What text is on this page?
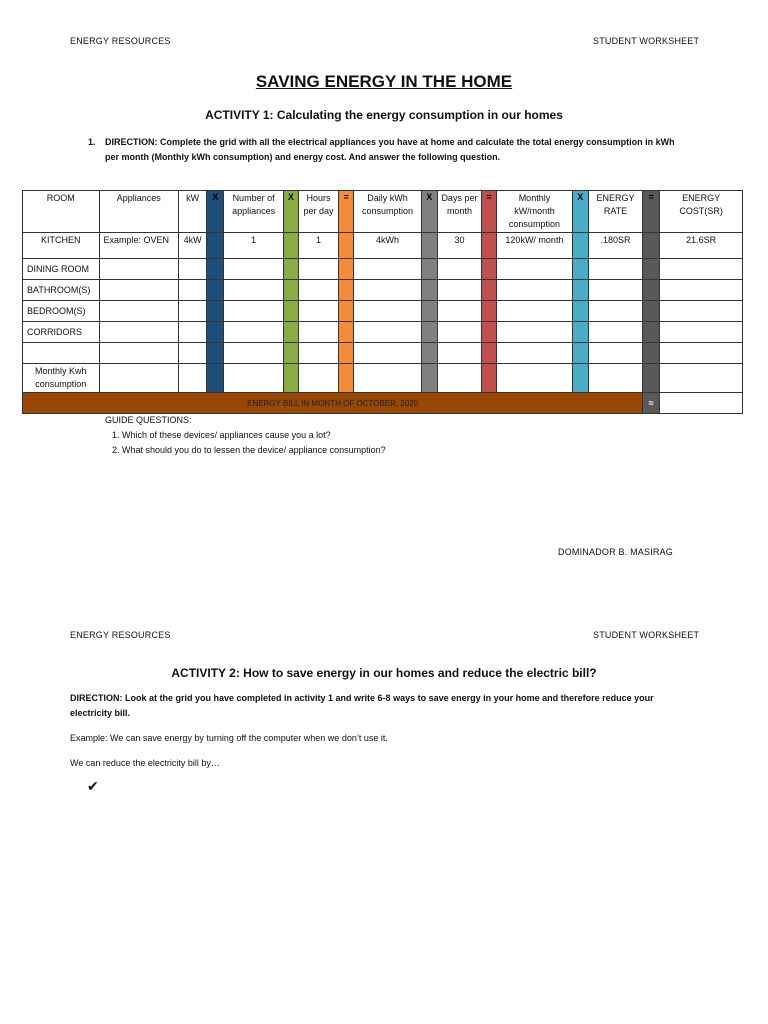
ENERGY RESOURCES	STUDENT WORKSHEET
SAVING ENERGY IN THE HOME
ACTIVITY 1: Calculating the energy consumption in our homes
1. DIRECTION: Complete the grid with all the electrical appliances you have at home and calculate the total energy consumption in kWh
per month (Monthly kWh consumption) and energy cost. And answer the following question.
ROOM	Appliances	kW	X	Number of appliances	X	Hours per day	=	Daily kWh consumption	X	Days per month	=	Monthly kW/month consumption	X	ENERGY RATE	=	ENERGY COST(SR)
KITCHEN	Example: OVEN	4kW		1		1		4kWh		30		120kW/ month		.180SR		21.6SR
DINING ROOM																
BATHROOM(S)																
BEDROOM(S)																
CORRIDORS																

Monthly Kwh consumption																
ENERGY BILL IN MONTH OF OCTOBER, 2020															≈	
GUIDE QUESTIONS:
1. Which of these devices/ appliances cause you a lot?
2. What should you do to lessen the device/ appliance consumption?
DOMINADOR B. MASIRAG
ENERGY RESOURCES	STUDENT WORKSHEET
ACTIVITY 2: How to save energy in our homes and reduce the electric bill?
DIRECTION: Look at the grid you have completed in activity 1 and write 6-8 ways to save energy in your home and therefore reduce your
electricity bill.
Example: We can save energy by turning off the computer when we don’t use it.
We can reduce the electricity bill by…
✔
